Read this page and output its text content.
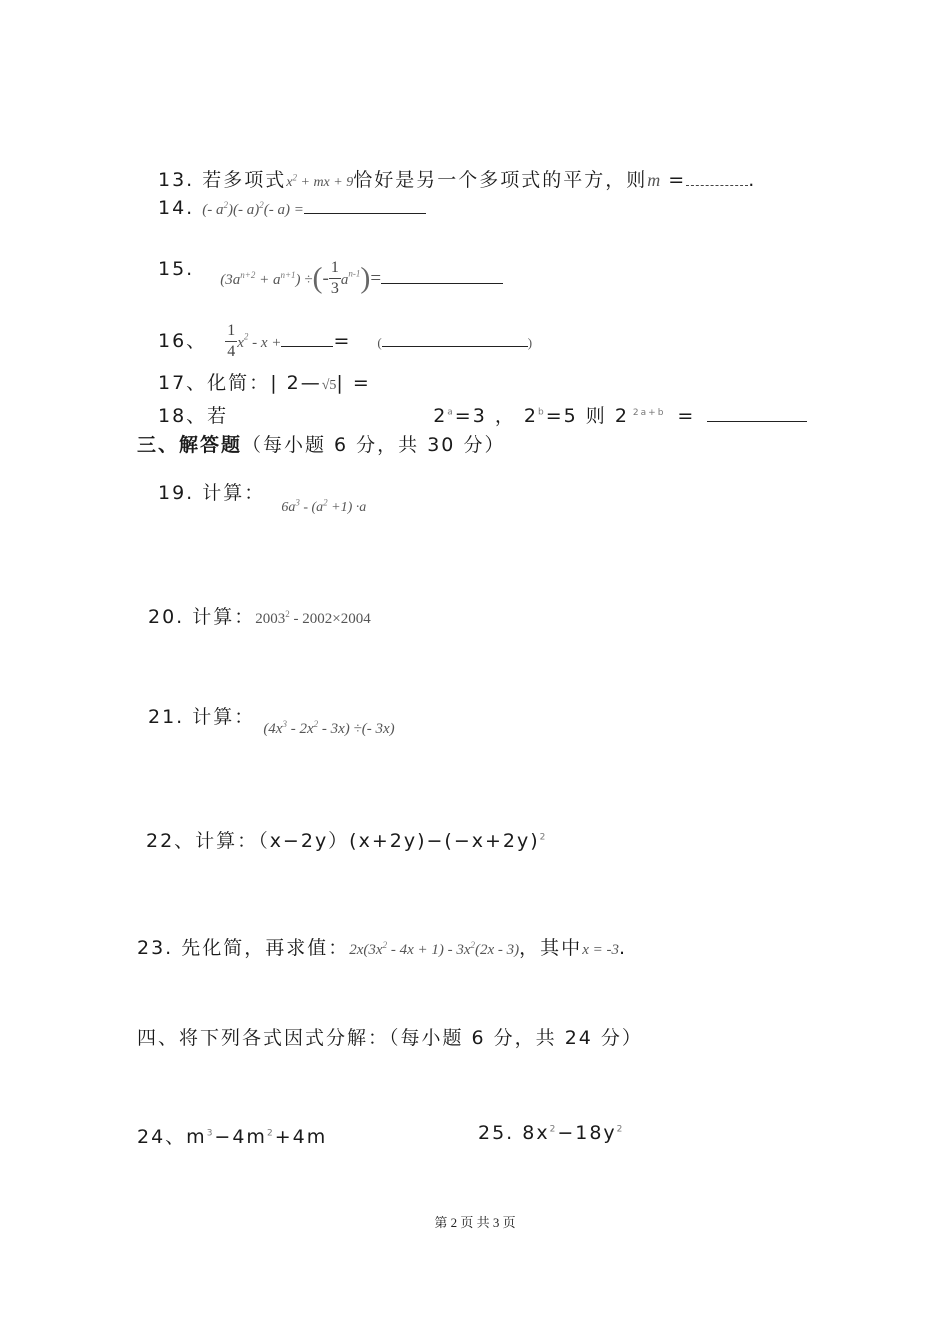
13. 若多项式$x^2$ + mx + 9恰好是另一个多项式的平方，则m =	.
14. (- $a^2)(-$ a)$^2$(- a) =
15. $(3a^{n+2} + a^{n+1})$ ÷(- $\frac{1}{3} a^{n-1})=$
16、 $\frac{1}{4} x^2$ - x +	= (	)
17、化简：| 2—√5| =
18、若	$2^a=3$ ， $2^b=5$ 则 2 $^{2a+b}$ =
三、解答题（每小题 6 分，共 30 分）
19. 计算： $_{6a^3 - (a^2 +1) \cdot a}$
20. 计算：2003$^2$ - 2002×2004
21. 计算： $_{(4x^3 - 2x^2 - 3x) \div(- 3x)}$
22、计算：$(x-2y)(x+2y)-(-x+2y)^2$
23. 先化简，再求值：$2x(3x^2 - 4x + 1) - 3x^2(2x - 3)$，其中x = -3.
四、将下列各式因式分解：（每小题 6 分，共 24 分）
24、$m^3-4m^2+4m$	25. $8x^2-18y^2$
第 2 页 共 3 页
